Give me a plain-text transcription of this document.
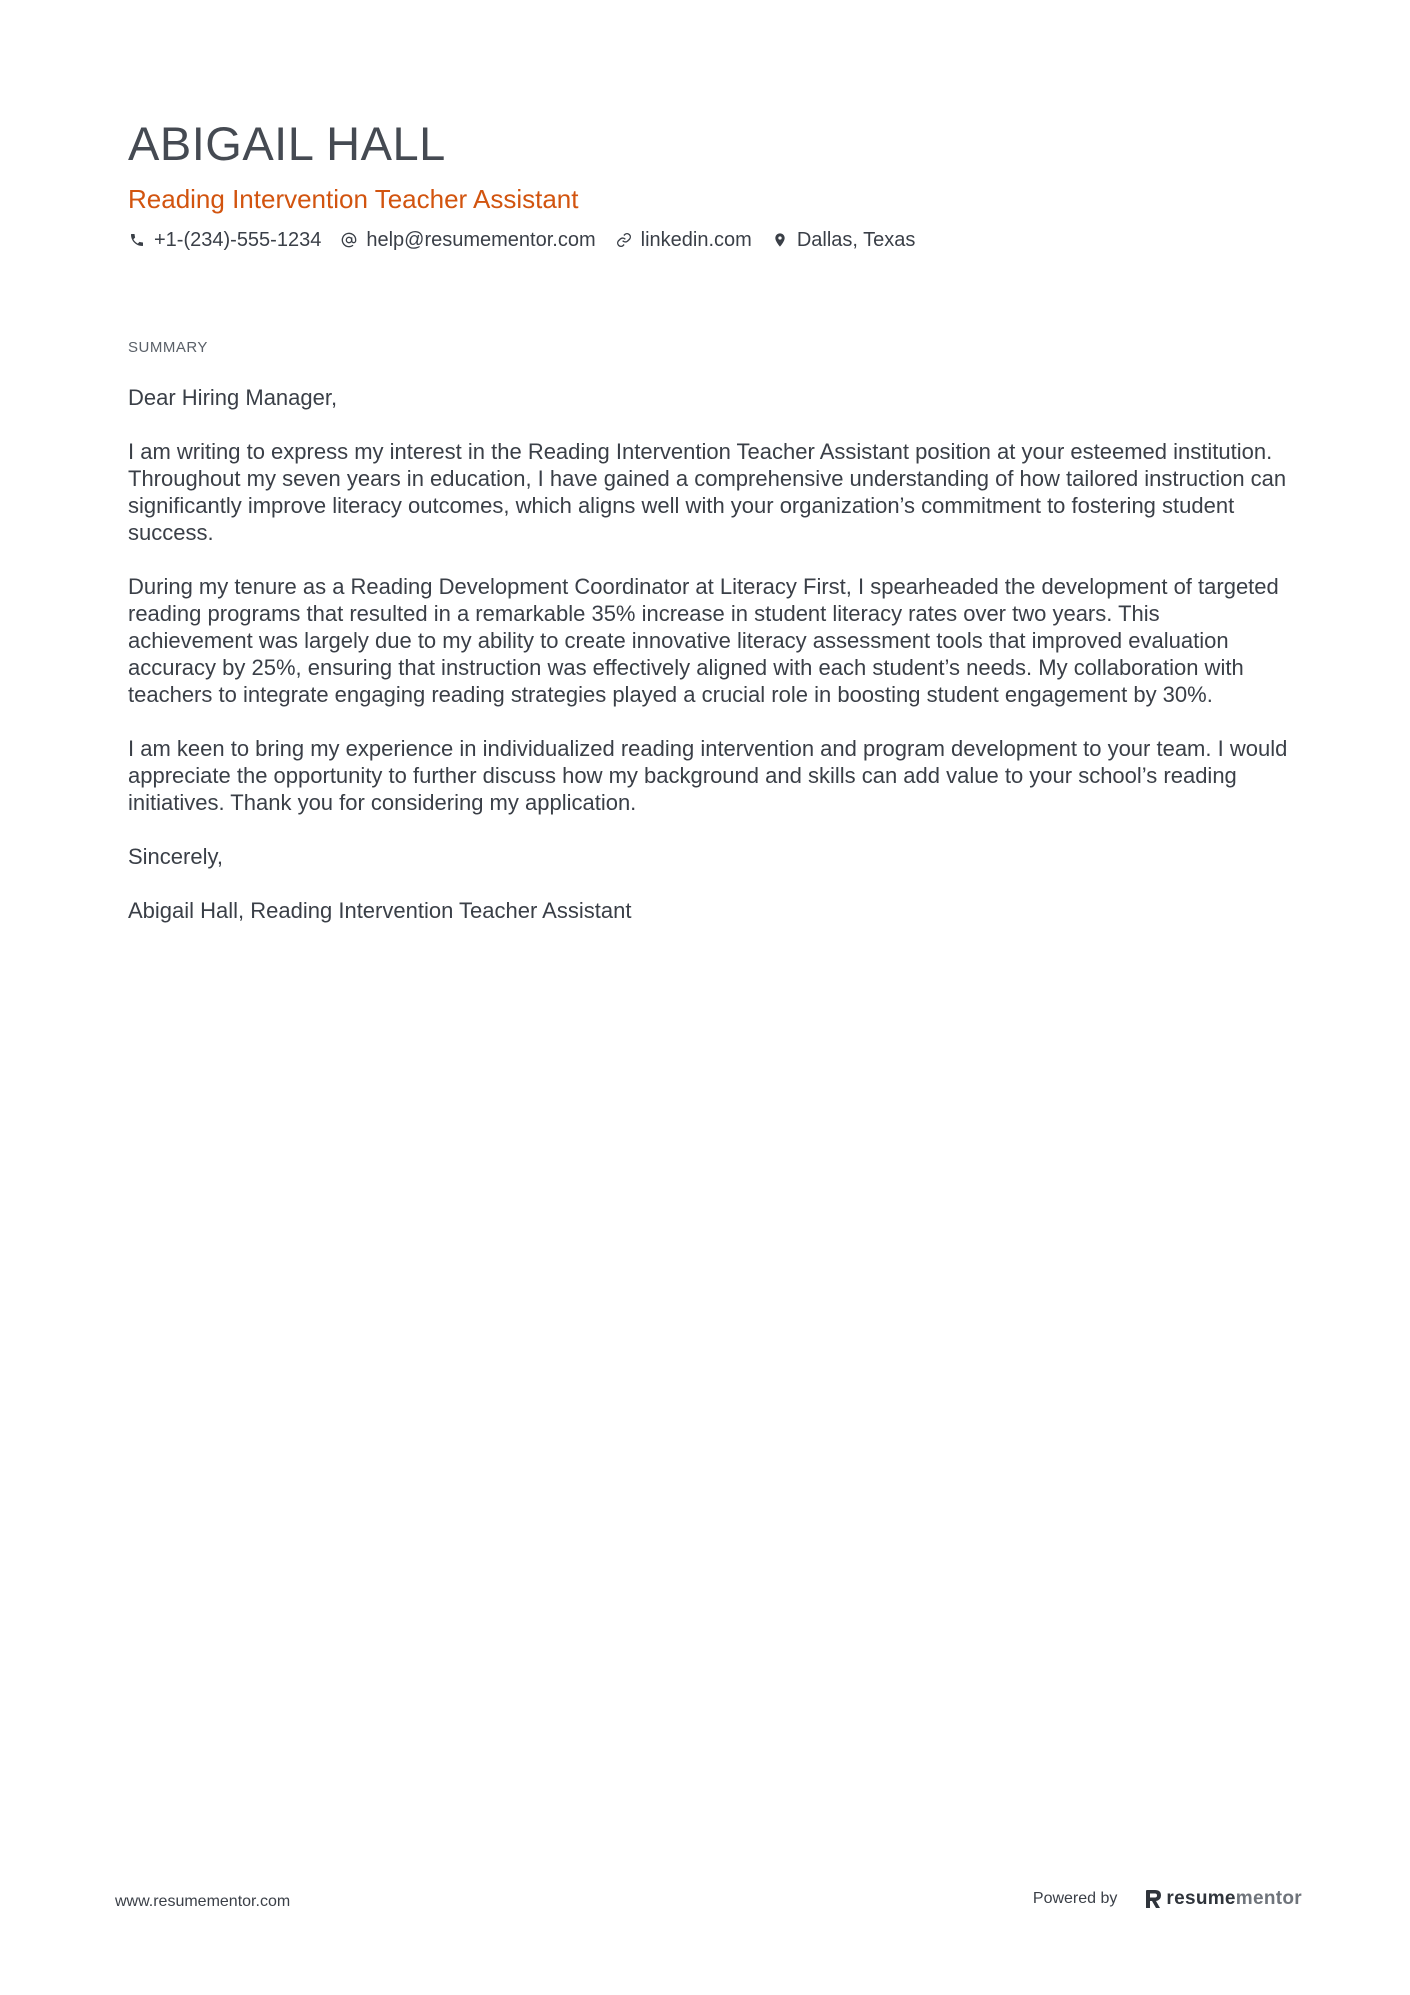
ABIGAIL HALL
Reading Intervention Teacher Assistant
+1-(234)-555-1234 help@resumementor.com linkedin.com Dallas, Texas
SUMMARY

Dear Hiring Manager,

I am writing to express my interest in the Reading Intervention Teacher Assistant position at your esteemed institution. Throughout my seven years in education, I have gained a comprehensive understanding of how tailored instruction can significantly improve literacy outcomes, which aligns well with your organization’s commitment to fostering student success.

During my tenure as a Reading Development Coordinator at Literacy First, I spearheaded the development of targeted reading programs that resulted in a remarkable 35% increase in student literacy rates over two years. This achievement was largely due to my ability to create innovative literacy assessment tools that improved evaluation accuracy by 25%, ensuring that instruction was effectively aligned with each student’s needs. My collaboration with teachers to integrate engaging reading strategies played a crucial role in boosting student engagement by 30%.

I am keen to bring my experience in individualized reading intervention and program development to your team. I would appreciate the opportunity to further discuss how my background and skills can add value to your school’s reading initiatives. Thank you for considering my application.

Sincerely,

Abigail Hall, Reading Intervention Teacher Assistant

www.resumementor.com	Powered by	resume mentor
